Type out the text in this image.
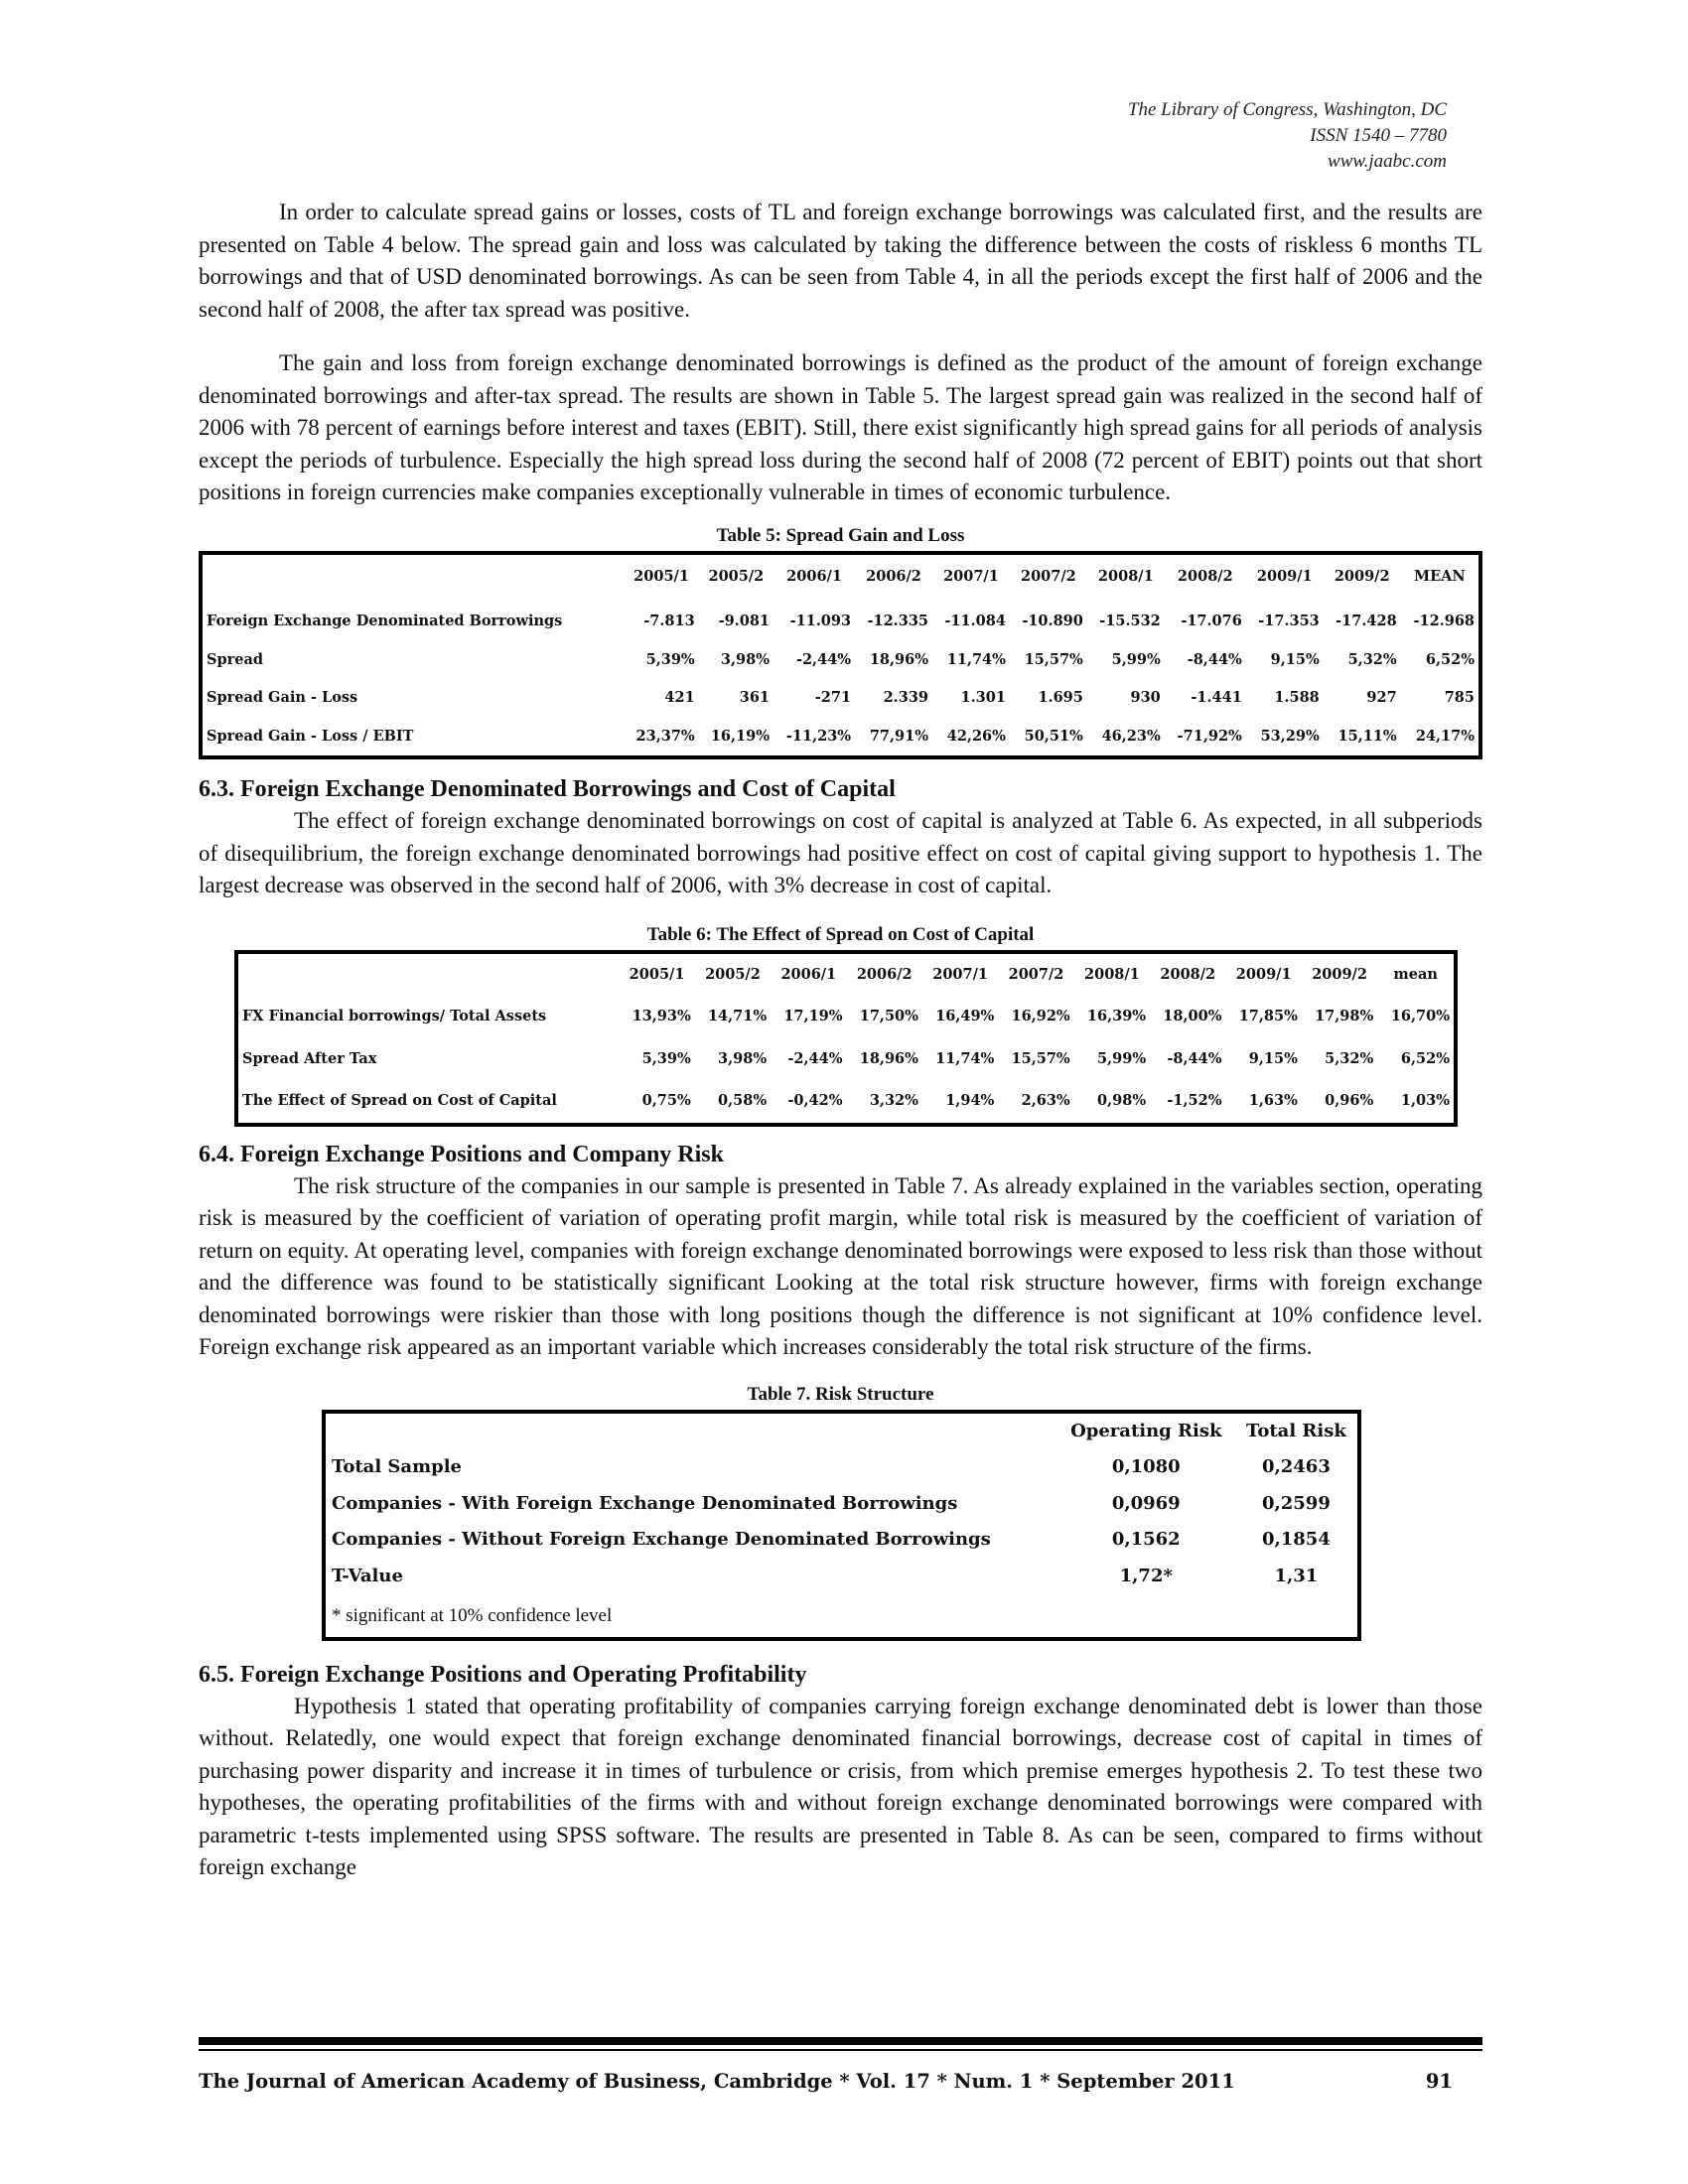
The Library of Congress, Washington, DC
ISSN 1540 – 7780
www.jaabc.com

In order to calculate spread gains or losses, costs of TL and foreign exchange borrowings was calculated first, and the results are presented on Table 4 below. The spread gain and loss was calculated by taking the difference between the costs of riskless 6 months TL borrowings and that of USD denominated borrowings. As can be seen from Table 4, in all the periods except the first half of 2006 and the second half of 2008, the after tax spread was positive.

The gain and loss from foreign exchange denominated borrowings is defined as the product of the amount of foreign exchange denominated borrowings and after-tax spread. The results are shown in Table 5. The largest spread gain was realized in the second half of 2006 with 78 percent of earnings before interest and taxes (EBIT). Still, there exist significantly high spread gains for all periods of analysis except the periods of turbulence. Especially the high spread loss during the second half of 2008 (72 percent of EBIT) points out that short positions in foreign currencies make companies exceptionally vulnerable in times of economic turbulence.

Table 5: Spread Gain and Loss
	2005/1	2005/2	2006/1	2006/2	2007/1	2007/2	2008/1	2008/2	2009/1	2009/2	MEAN
Foreign Exchange Denominated Borrowings	-7.813	-9.081	-11.093	-12.335	-11.084	-10.890	-15.532	-17.076	-17.353	-17.428	-12.968
Spread	5,39%	3,98%	-2,44%	18,96%	11,74%	15,57%	5,99%	-8,44%	9,15%	5,32%	6,52%
Spread Gain - Loss	421	361	-271	2.339	1.301	1.695	930	-1.441	1.588	927	785
Spread Gain - Loss / EBIT	23,37%	16,19%	-11,23%	77,91%	42,26%	50,51%	46,23%	-71,92%	53,29%	15,11%	24,17%
6.3. Foreign Exchange Denominated Borrowings and Cost of Capital

The effect of foreign exchange denominated borrowings on cost of capital is analyzed at Table 6. As expected, in all subperiods of disequilibrium, the foreign exchange denominated borrowings had positive effect on cost of capital giving support to hypothesis 1. The largest decrease was observed in the second half of 2006, with 3% decrease in cost of capital.

Table 6: The Effect of Spread on Cost of Capital
	2005/1	2005/2	2006/1	2006/2	2007/1	2007/2	2008/1	2008/2	2009/1	2009/2	mean
FX Financial borrowings/ Total Assets	13,93%	14,71%	17,19%	17,50%	16,49%	16,92%	16,39%	18,00%	17,85%	17,98%	16,70%
Spread After Tax	5,39%	3,98%	-2,44%	18,96%	11,74%	15,57%	5,99%	-8,44%	9,15%	5,32%	6,52%
The Effect of Spread on Cost of Capital	0,75%	0,58%	-0,42%	3,32%	1,94%	2,63%	0,98%	-1,52%	1,63%	0,96%	1,03%
6.4. Foreign Exchange Positions and Company Risk

The risk structure of the companies in our sample is presented in Table 7. As already explained in the variables section, operating risk is measured by the coefficient of variation of operating profit margin, while total risk is measured by the coefficient of variation of return on equity. At operating level, companies with foreign exchange denominated borrowings were exposed to less risk than those without and the difference was found to be statistically significant Looking at the total risk structure however, firms with foreign exchange denominated borrowings were riskier than those with long positions though the difference is not significant at 10% confidence level. Foreign exchange risk appeared as an important variable which increases considerably the total risk structure of the firms.

Table 7. Risk Structure
	Operating Risk	Total Risk
Total Sample	0,1080	0,2463
Companies - With Foreign Exchange Denominated Borrowings	0,0969	0,2599
Companies - Without Foreign Exchange Denominated Borrowings	0,1562	0,1854
T-Value	1,72*	1,31
* significant at 10% confidence level		
6.5. Foreign Exchange Positions and Operating Profitability

Hypothesis 1 stated that operating profitability of companies carrying foreign exchange denominated debt is lower than those without. Relatedly, one would expect that foreign exchange denominated financial borrowings, decrease cost of capital in times of purchasing power disparity and increase it in times of turbulence or crisis, from which premise emerges hypothesis 2. To test these two hypotheses, the operating profitabilities of the firms with and without foreign exchange denominated borrowings were compared with parametric t-tests implemented using SPSS software. The results are presented in Table 8. As can be seen, compared to firms without foreign exchange

The Journal of American Academy of Business, Cambridge * Vol. 17 * Num. 1 * September 2011	91
